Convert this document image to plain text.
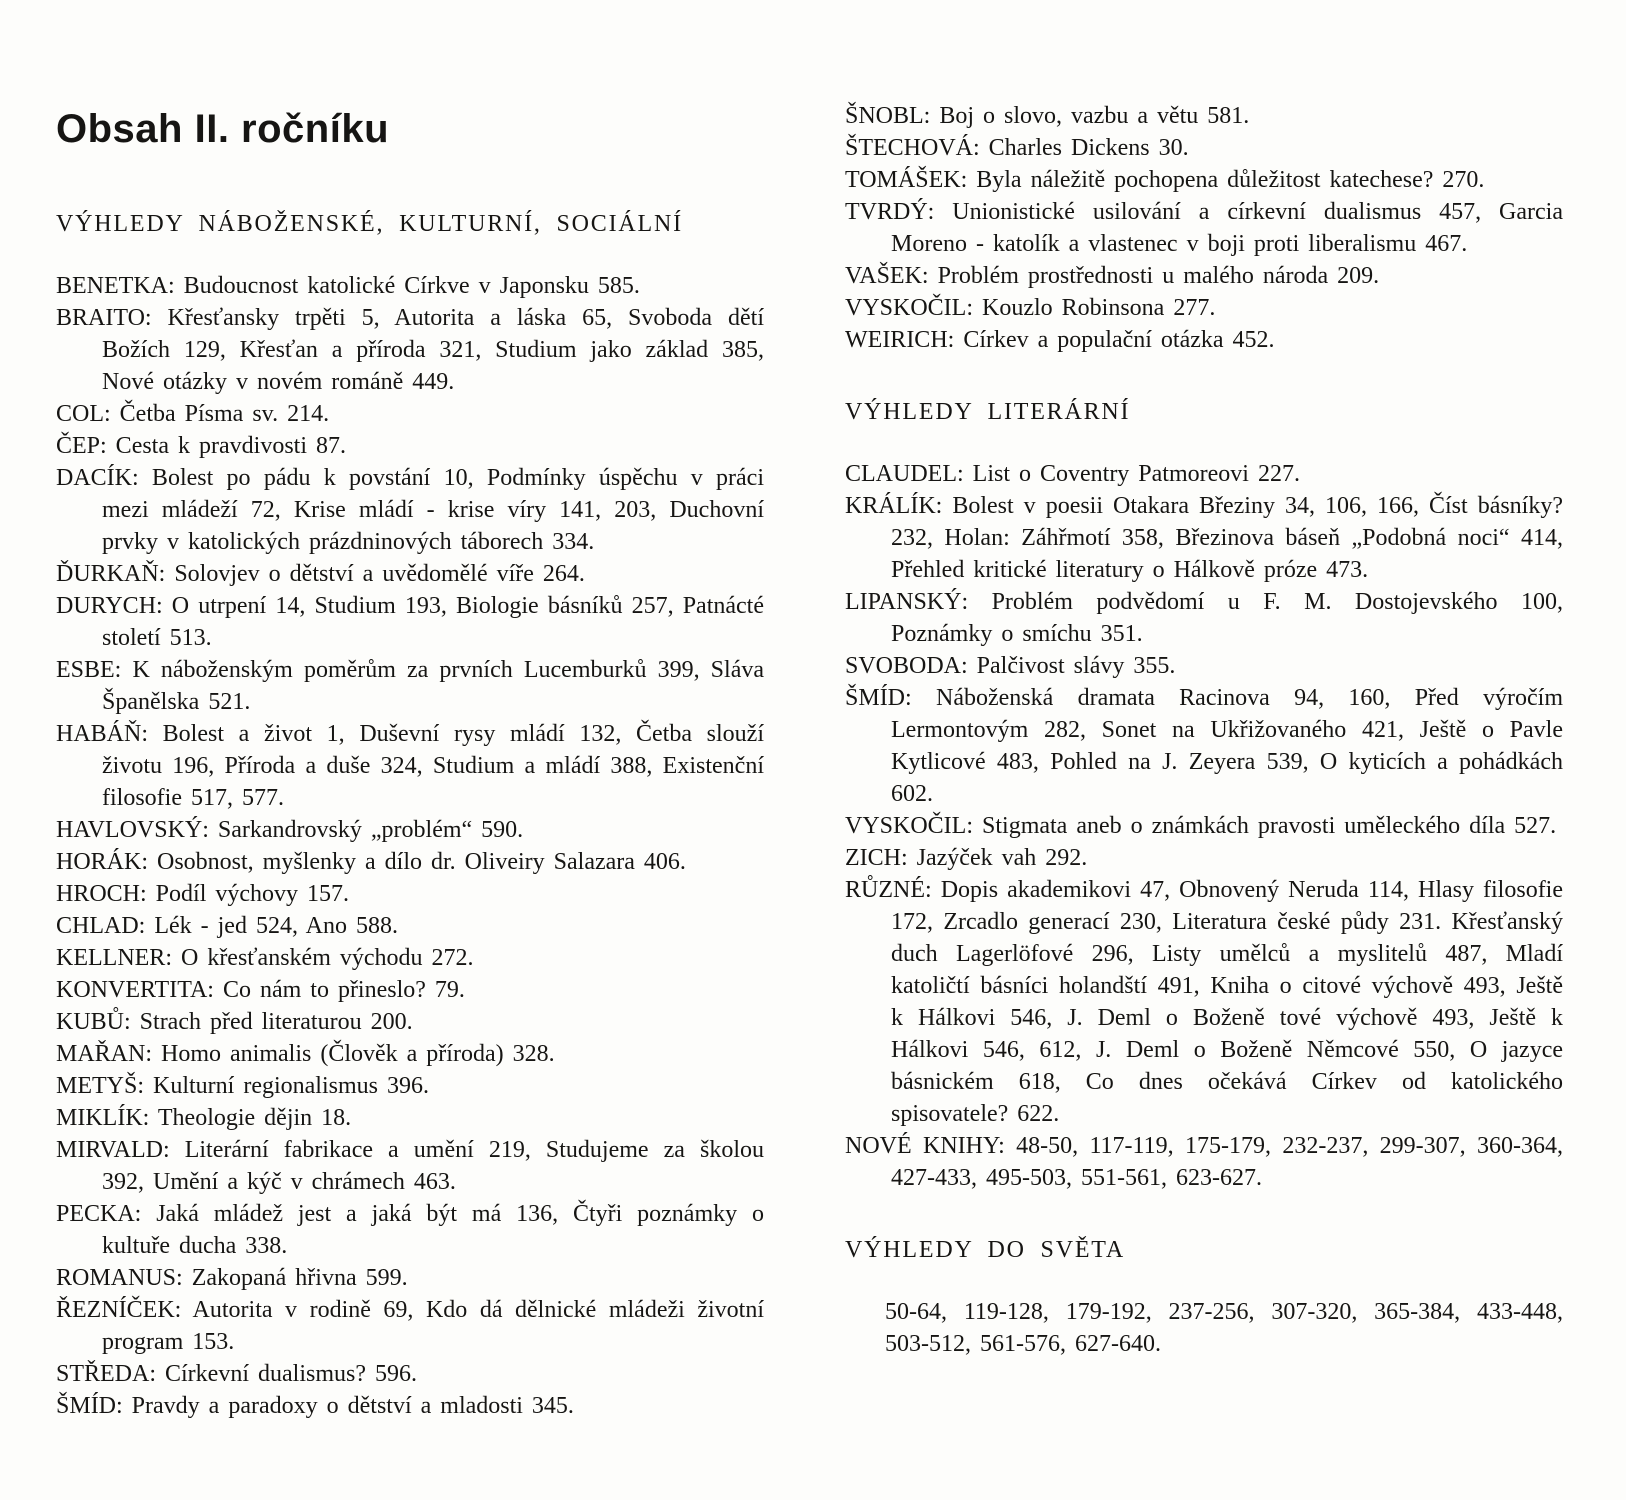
Obsah II. ročníku
VÝHLEDY NÁBOŽENSKÉ, KULTURNÍ, SOCIÁLNÍ

BENETKA: Budoucnost katolické Církve v Japonsku 585.

BRAITO: Křesťansky trpěti 5, Autorita a láska 65, Svoboda dětí Božích 129, Křesťan a příroda 321, Studium jako základ 385, Nové otázky v novém románě 449.

COL: Četba Písma sv. 214.

ČEP: Cesta k pravdivosti 87.

DACÍK: Bolest po pádu k povstání 10, Podmínky úspěchu v práci mezi mládeží 72, Krise mládí - krise víry 141, 203, Duchovní prvky v katolických prázdninových táborech 334.

ĎURKAŇ: Solovjev o dětství a uvědomělé víře 264.

DURYCH: O utrpení 14, Studium 193, Biologie básníků 257, Patnácté století 513.

ESBE: K náboženským poměrům za prvních Lucemburků 399, Sláva Španělska 521.

HABÁŇ: Bolest a život 1, Duševní rysy mládí 132, Četba slouží životu 196, Příroda a duše 324, Studium a mládí 388, Existenční filosofie 517, 577.

HAVLOVSKÝ: Sarkandrovský „problém“ 590.

HORÁK: Osobnost, myšlenky a dílo dr. Oliveiry Salazara 406.

HROCH: Podíl výchovy 157.

CHLAD: Lék - jed 524, Ano 588.

KELLNER: O křesťanském východu 272.

KONVERTITA: Co nám to přineslo? 79.

KUBŮ: Strach před literaturou 200.

MAŘAN: Homo animalis (Člověk a příroda) 328.

METYŠ: Kulturní regionalismus 396.

MIKLÍK: Theologie dějin 18.

MIRVALD: Literární fabrikace a umění 219, Studujeme za školou 392, Umění a kýč v chrámech 463.

PECKA: Jaká mládež jest a jaká být má 136, Čtyři poznámky o kultuře ducha 338.

ROMANUS: Zakopaná hřivna 599.

ŘEZNÍČEK: Autorita v rodině 69, Kdo dá dělnické mládeži životní program 153.

STŘEDA: Církevní dualismus? 596.

ŠMÍD: Pravdy a paradoxy o dětství a mladosti 345.

ŠNOBL: Boj o slovo, vazbu a větu 581.

ŠTECHOVÁ: Charles Dickens 30.

TOMÁŠEK: Byla náležitě pochopena důležitost katechese? 270.

TVRDÝ: Unionistické usilování a církevní dualismus 457, Garcia Moreno - katolík a vlastenec v boji proti liberalismu 467.

VAŠEK: Problém prostřednosti u malého národa 209.

VYSKOČIL: Kouzlo Robinsona 277.

WEIRICH: Církev a populační otázka 452.

VÝHLEDY LITERÁRNÍ

CLAUDEL: List o Coventry Patmoreovi 227.

KRÁLÍK: Bolest v poesii Otakara Březiny 34, 106, 166, Číst básníky? 232, Holan: Záhřmotí 358, Březinova báseň „Podobná noci“ 414, Přehled kritické literatury o Hálkově próze 473.

LIPANSKÝ: Problém podvědomí u F. M. Dostojevského 100, Poznámky o smíchu 351.

SVOBODA: Palčivost slávy 355.

ŠMÍD: Náboženská dramata Racinova 94, 160, Před výročím Lermontovým 282, Sonet na Ukřižovaného 421, Ještě o Pavle Kytlicové 483, Pohled na J. Zeyera 539, O kyticích a pohádkách 602.

VYSKOČIL: Stigmata aneb o známkách pravosti uměleckého díla 527.

ZICH: Jazýček vah 292.

RŮZNÉ: Dopis akademikovi 47, Obnovený Neruda 114, Hlasy filosofie 172, Zrcadlo generací 230, Literatura české půdy 231. Křesťanský duch Lagerlöfové 296, Listy umělců a myslitelů 487, Mladí katoličtí básníci holandští 491, Kniha o citové výchově 493, Ještě k Hálkovi 546, J. Deml o Boženě tové výchově 493, Ještě k Hálkovi 546, 612, J. Deml o Boženě Němcové 550, O jazyce básnickém 618, Co dnes očekává Církev od katolického spisovatele? 622.

NOVÉ KNIHY: 48-50, 117-119, 175-179, 232-237, 299-307, 360-364, 427-433, 495-503, 551-561, 623-627.

VÝHLEDY DO SVĚTA

50-64, 119-128, 179-192, 237-256, 307-320, 365-384, 433-448, 503-512, 561-576, 627-640.
